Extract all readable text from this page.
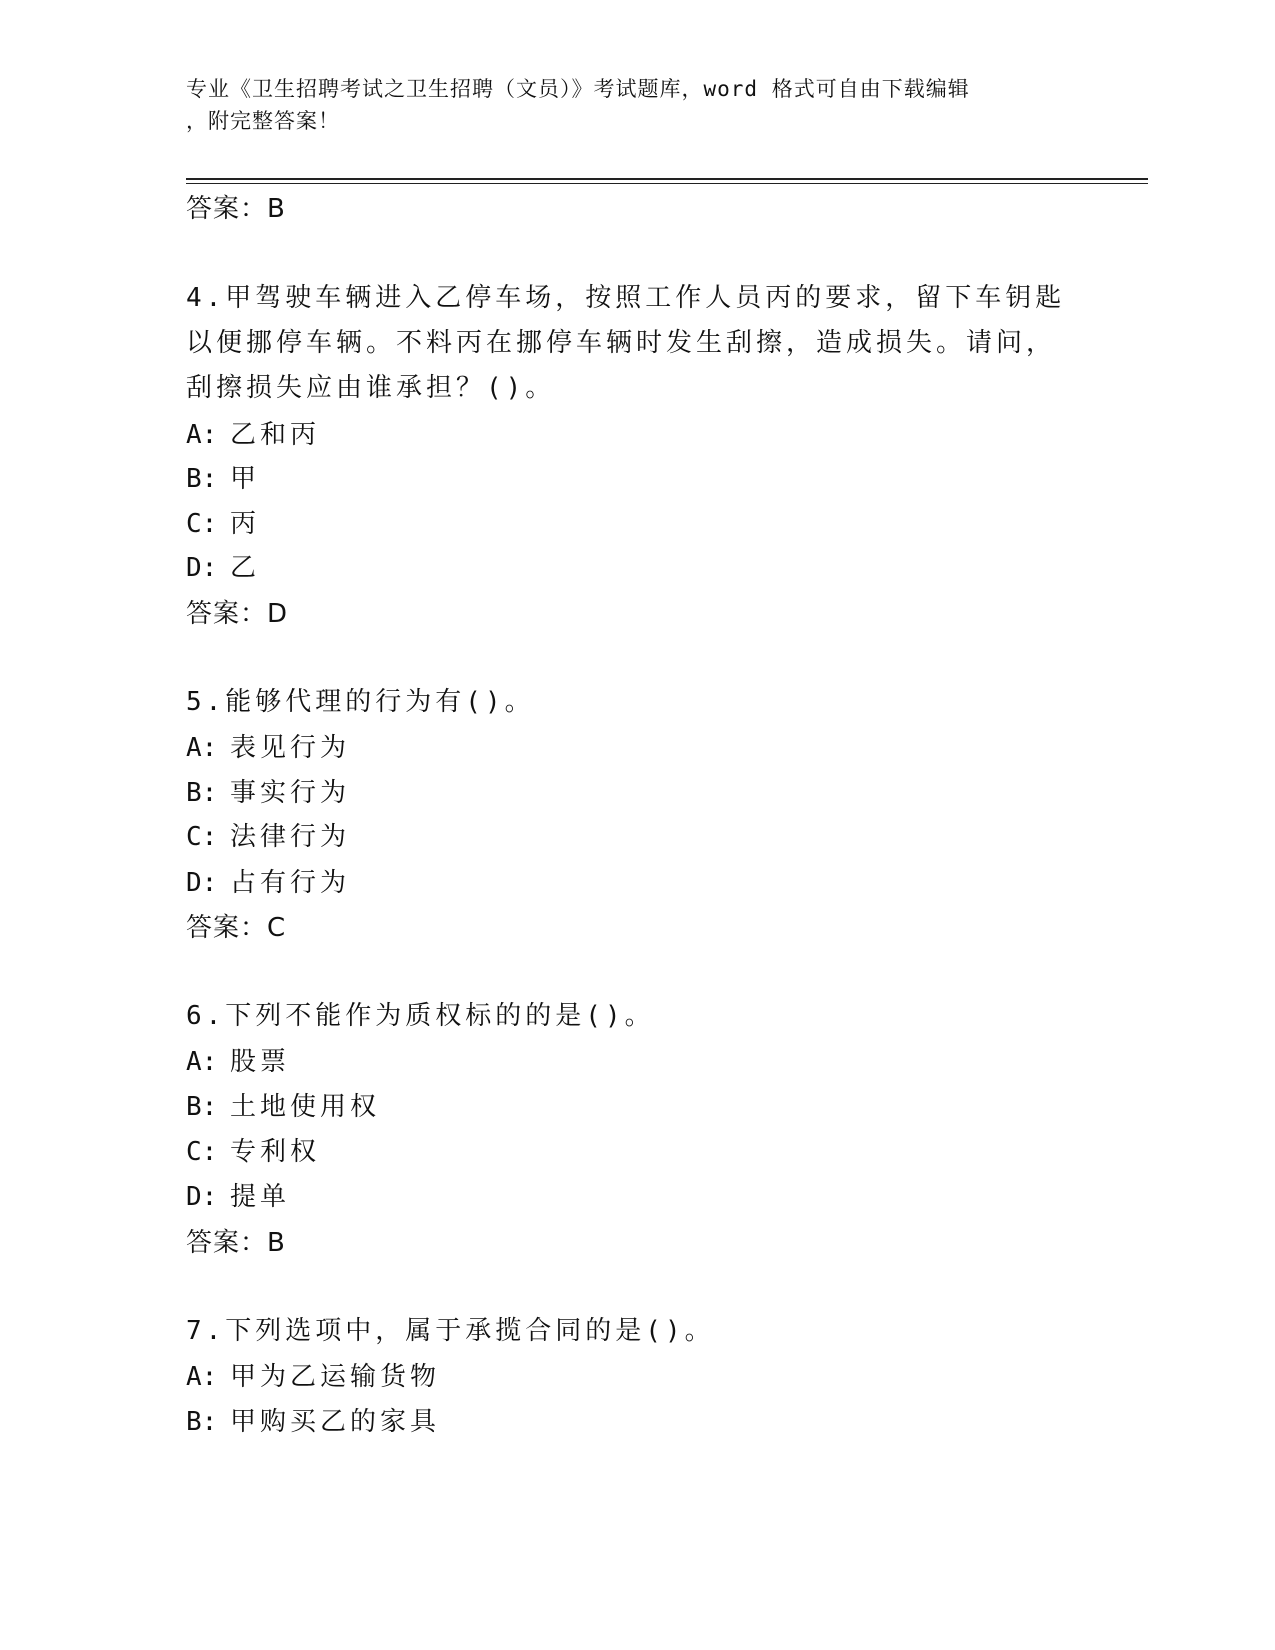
专业《卫生招聘考试之卫生招聘（文员）》考试题库，word 格式可自由下载编辑
，附完整答案！
答案：B
4.甲驾驶车辆进入乙停车场，按照工作人员丙的要求，留下车钥匙以便挪停车辆。不料丙在挪停车辆时发生刮擦，造成损失。请问，刮擦损失应由谁承担？()。
A: 乙和丙
B: 甲
C: 丙
D: 乙
答案：D
5.能够代理的行为有()。
A: 表见行为
B: 事实行为
C: 法律行为
D: 占有行为
答案：C
6.下列不能作为质权标的的是()。
A: 股票
B: 土地使用权
C: 专利权
D: 提单
答案：B
7.下列选项中，属于承揽合同的是()。
A: 甲为乙运输货物
B: 甲购买乙的家具
